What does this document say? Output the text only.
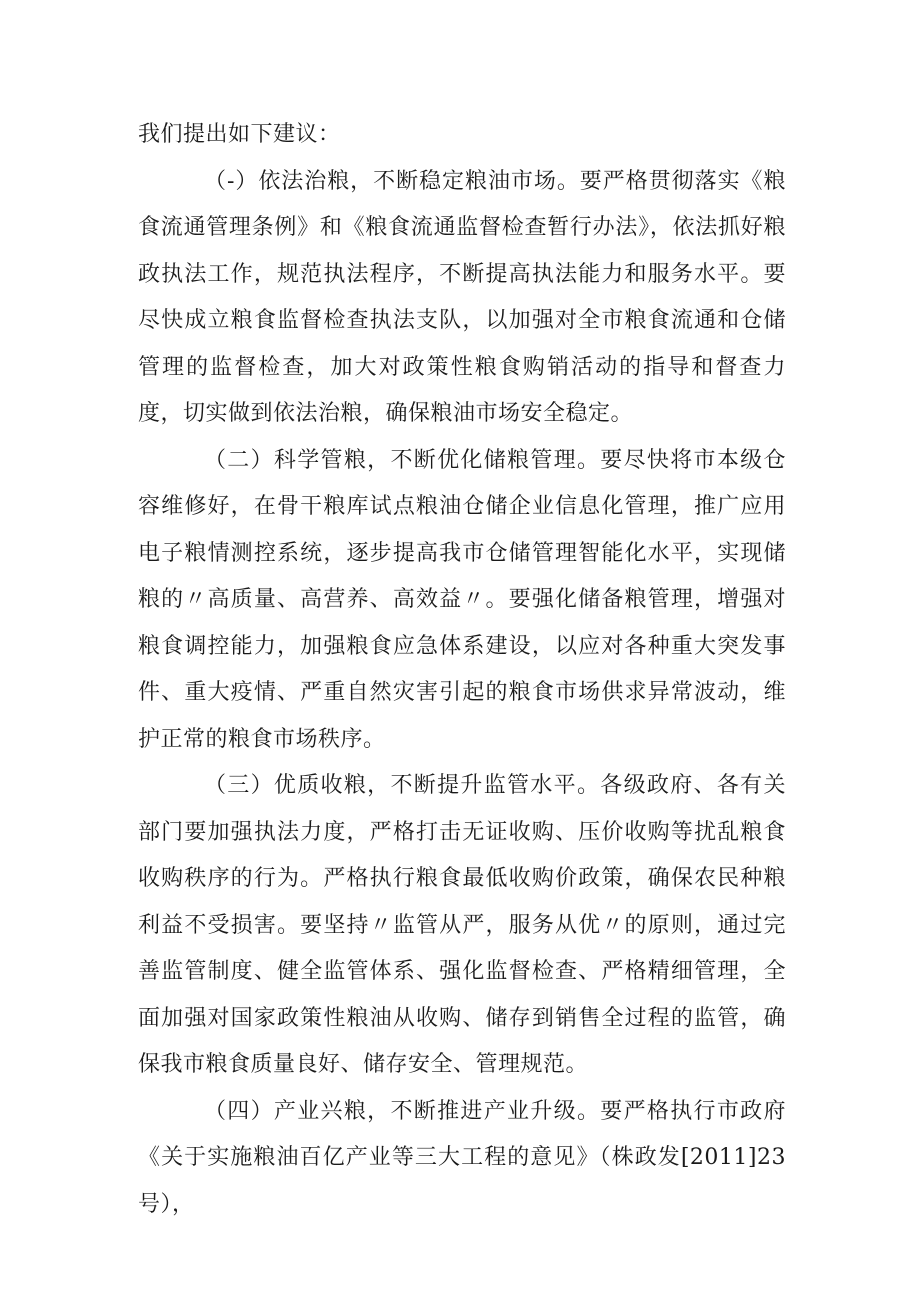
我们提出如下建议：

（-）依法治粮，不断稳定粮油市场。要严格贯彻落实《粮食流通管理条例》和《粮食流通监督检查暂行办法》，依法抓好粮政执法工作，规范执法程序，不断提高执法能力和服务水平。要尽快成立粮食监督检查执法支队，以加强对全市粮食流通和仓储管理的监督检查，加大对政策性粮食购销活动的指导和督查力度，切实做到依法治粮，确保粮油市场安全稳定。

（二）科学管粮，不断优化储粮管理。要尽快将市本级仓容维修好，在骨干粮库试点粮油仓储企业信息化管理，推广应用电子粮情测控系统，逐步提高我市仓储管理智能化水平，实现储粮的〃高质量、高营养、高效益〃。要强化储备粮管理，增强对粮食调控能力，加强粮食应急体系建设，以应对各种重大突发事件、重大疫情、严重自然灾害引起的粮食市场供求异常波动，维护正常的粮食市场秩序。

（三）优质收粮，不断提升监管水平。各级政府、各有关部门要加强执法力度，严格打击无证收购、压价收购等扰乱粮食收购秩序的行为。严格执行粮食最低收购价政策，确保农民种粮利益不受损害。要坚持〃监管从严，服务从优〃的原则，通过完善监管制度、健全监管体系、强化监督检查、严格精细管理，全面加强对国家政策性粮油从收购、储存到销售全过程的监管，确保我市粮食质量良好、储存安全、管理规范。

（四）产业兴粮，不断推进产业升级。要严格执行市政府《关于实施粮油百亿产业等三大工程的意见》（株政发[2011]23号），
